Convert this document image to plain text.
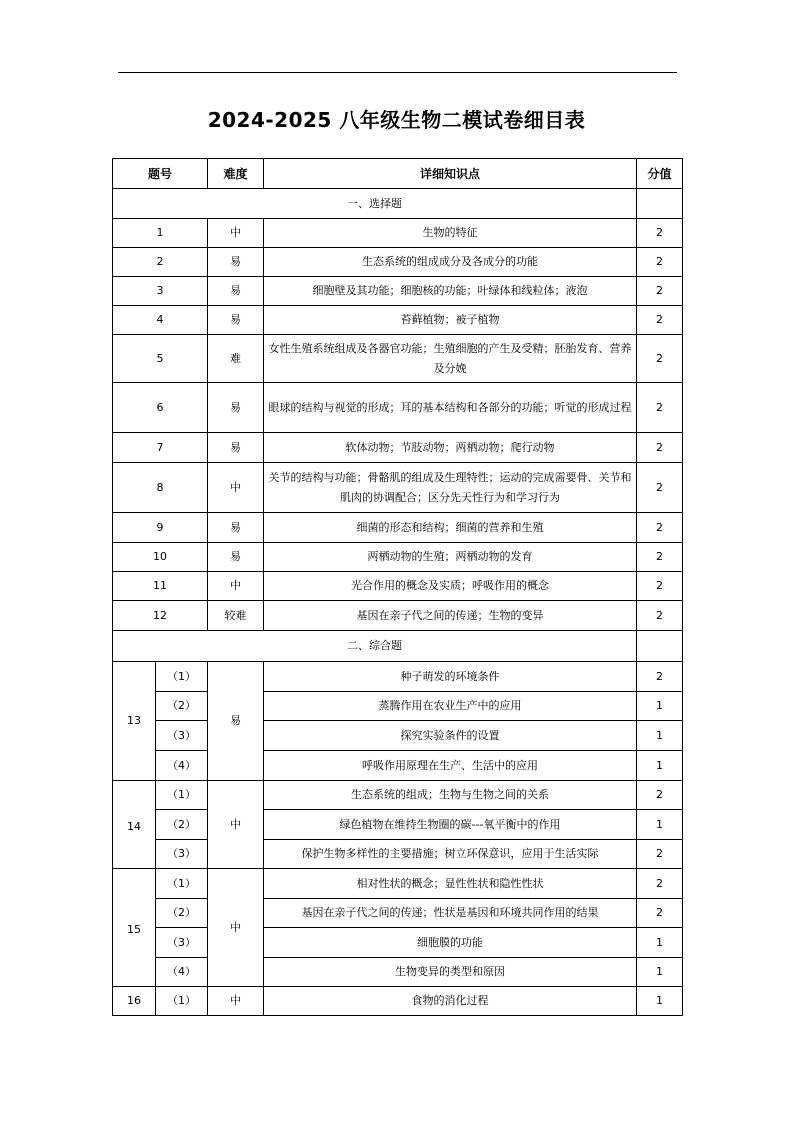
2024-2025 八年级生物二模试卷细目表
题号		难度	详细知识点	分值
一、选择题				
1		中	生物的特征	2
2		易	生态系统的组成成分及各成分的功能	2
3		易	细胞壁及其功能；细胞核的功能；叶绿体和线粒体；液泡	2
4		易	苔藓植物；被子植物	2
5		难	女性生殖系统组成及各器官功能；生殖细胞的产生及受精；胚胎发育、营养及分娩	2
6		易	眼球的结构与视觉的形成；耳的基本结构和各部分的功能；听觉的形成过程	2
7		易	软体动物；节肢动物；两栖动物；爬行动物	2
8		中	关节的结构与功能；骨骼肌的组成及生理特性；运动的完成需要骨、关节和肌肉的协调配合；区分先天性行为和学习行为	2
9		易	细菌的形态和结构；细菌的营养和生殖	2
10		易	两栖动物的生殖；两栖动物的发育	2
11		中	光合作用的概念及实质；呼吸作用的概念	2
12		较难	基因在亲子代之间的传递；生物的变异	2
二、综合题				
13	（1）	易	种子萌发的环境条件	2
	（2）		蒸腾作用在农业生产中的应用	1
	（3）		探究实验条件的设置	1
	（4）		呼吸作用原理在生产、生活中的应用	1
14	（1）	中	生态系统的组成；生物与生物之间的关系	2
	（2）		绿色植物在维持生物圈的碳---氧平衡中的作用	1
	（3）		保护生物多样性的主要措施；树立环保意识，应用于生活实际	2
15	（1）	中	相对性状的概念；显性性状和隐性性状	2
	（2）		基因在亲子代之间的传递；性状是基因和环境共同作用的结果	2
	（3）		细胞膜的功能	1
	（4）		生物变异的类型和原因	1
16	（1）	中	食物的消化过程	1
